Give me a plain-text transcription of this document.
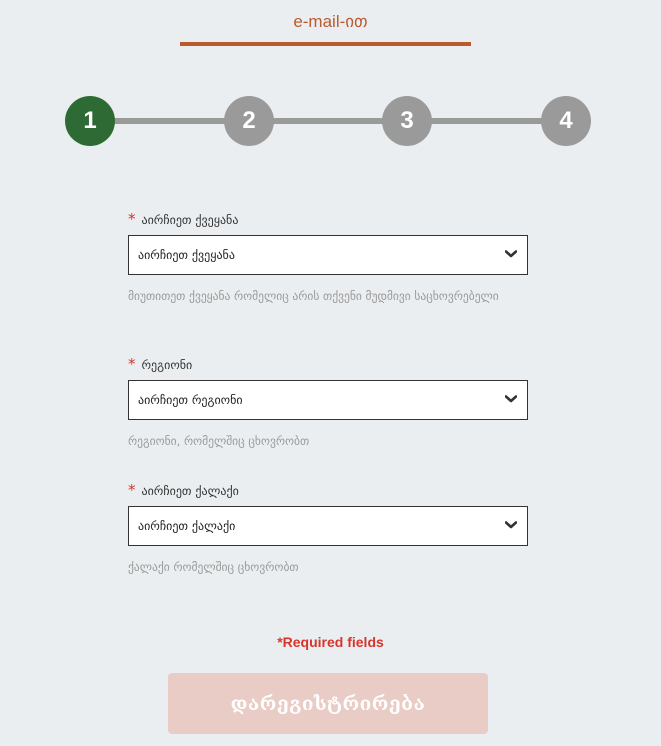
e-mail-ით
1	2	3	4
* აირჩიეთ ქვეყანა
აირჩიეთ ქვეყანა
მიუთითეთ ქვეყანა რომელიც არის თქვენი მუდმივი საცხოვრებელი
* რეგიონი
აირჩიეთ რეგიონი
რეგიონი, რომელშიც ცხოვრობთ
* აირჩიეთ ქალაქი
აირჩიეთ ქალაქი
ქალაქი რომელშიც ცხოვრობთ
*Required fields
დარეგისტრირება
